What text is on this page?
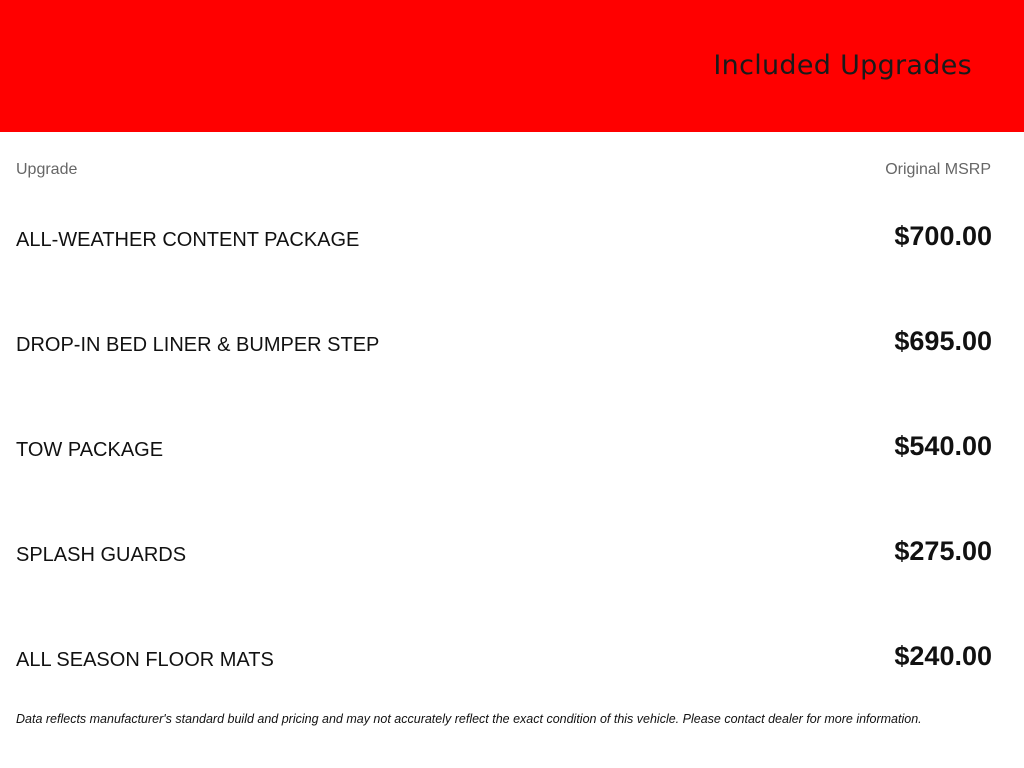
Included Upgrades
Upgrade	Original MSRP
ALL-WEATHER CONTENT PACKAGE	$700.00
DROP-IN BED LINER & BUMPER STEP	$695.00
TOW PACKAGE	$540.00
SPLASH GUARDS	$275.00
ALL SEASON FLOOR MATS	$240.00
Data reflects manufacturer's standard build and pricing and may not accurately reflect the exact condition of this vehicle. Please contact dealer for more information.
